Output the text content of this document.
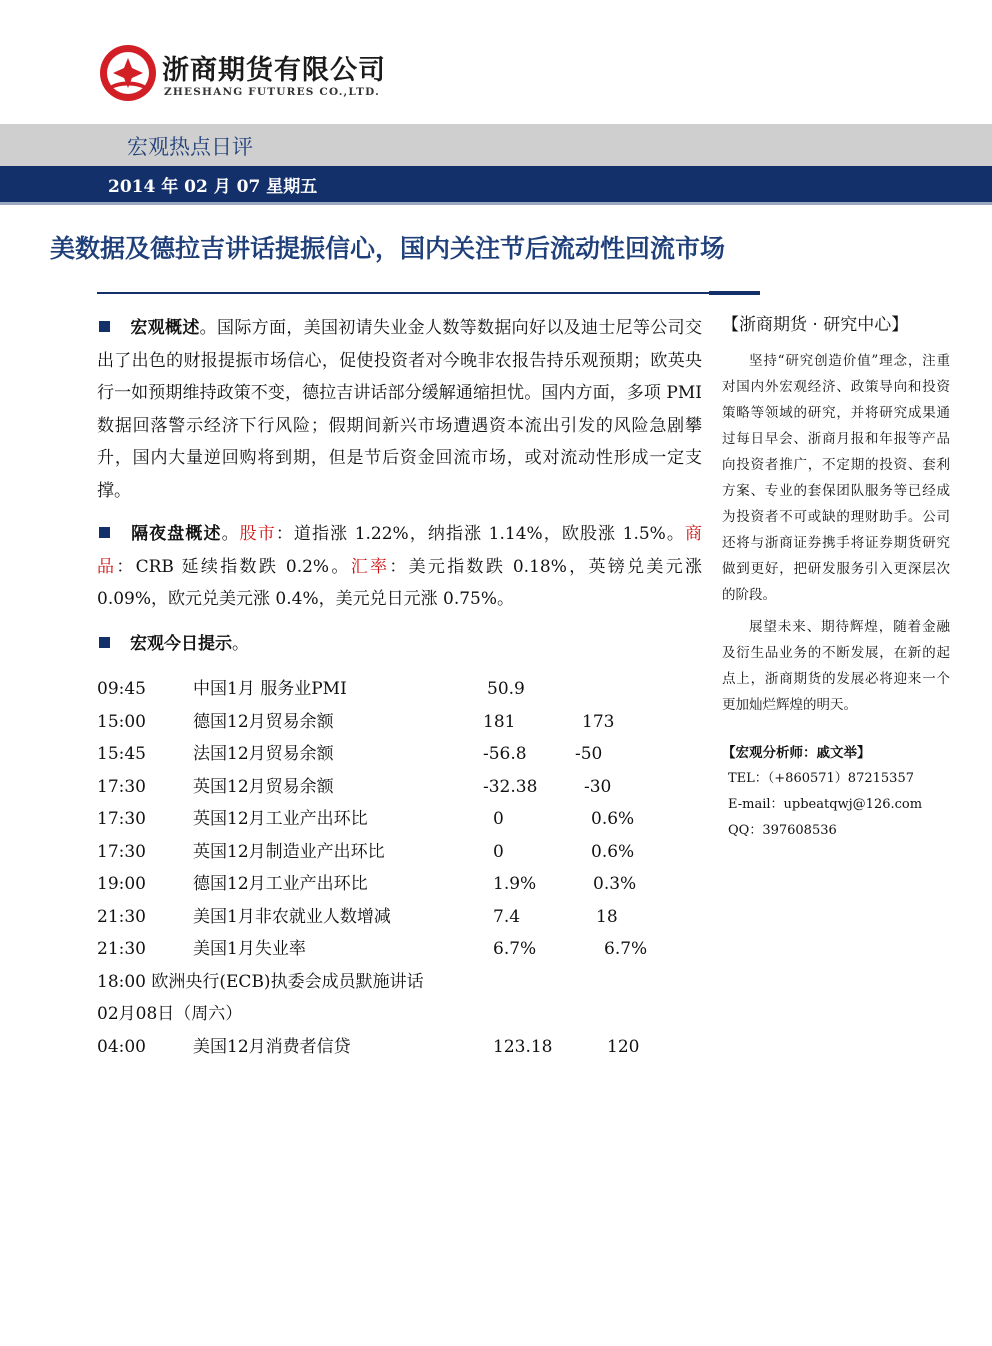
浙商期货有限公司
ZHESHANG FUTURES CO.,LTD.
宏观热点日评
2014 年 02 月 07 星期五
美数据及德拉吉讲话提振信心，国内关注节后流动性回流市场
宏观概述。国际方面，美国初请失业金人数等数据向好以及迪士尼等公司交出了出色的财报提振市场信心，促使投资者对今晚非农报告持乐观预期；欧英央行一如预期维持政策不变，德拉吉讲话部分缓解通缩担忧。国内方面，多项 PMI 数据回落警示经济下行风险；假期间新兴市场遭遇资本流出引发的风险急剧攀升，国内大量逆回购将到期，但是节后资金回流市场，或对流动性形成一定支撑。
隔夜盘概述。股市：道指涨 1.22%，纳指涨 1.14%，欧股涨 1.5%。商品：CRB 延续指数跌 0.2%。汇率：美元指数跌 0.18%，英镑兑美元涨 0.09%，欧元兑美元涨 0.4%，美元兑日元涨 0.75%。
宏观今日提示。
09:45	中国1月 服务业PMI	50.9
15:00	德国12月贸易余额	181	173
15:45	法国12月贸易余额	-56.8	-50
17:30	英国12月贸易余额	-32.38	-30
17:30	英国12月工业产出环比	0	0.6%
17:30	英国12月制造业产出环比	0	0.6%
19:00	德国12月工业产出环比	1.9%	0.3%
21:30	美国1月非农就业人数增减	7.4	18
21:30	美国1月失业率	6.7%	6.7%
18:00 欧洲央行(ECB)执委会成员默施讲话
02月08日（周六）
04:00	美国12月消费者信贷	123.18	120
【浙商期货 · 研究中心】

坚持“研究创造价值”理念，注重对国内外宏观经济、政策导向和投资策略等领域的研究，并将研究成果通过每日早会、浙商月报和年报等产品向投资者推广，不定期的投资、套利方案、专业的套保团队服务等已经成为投资者不可或缺的理财助手。公司还将与浙商证券携手将证券期货研究做到更好，把研发服务引入更深层次的阶段。

展望未来、期待辉煌，随着金融及衍生品业务的不断发展，在新的起点上，浙商期货的发展必将迎来一个更加灿烂辉煌的明天。

【宏观分析师：戚文举】
TEL：（+860571）87215357
E-mail：upbeatqwj@126.com
QQ：397608536
